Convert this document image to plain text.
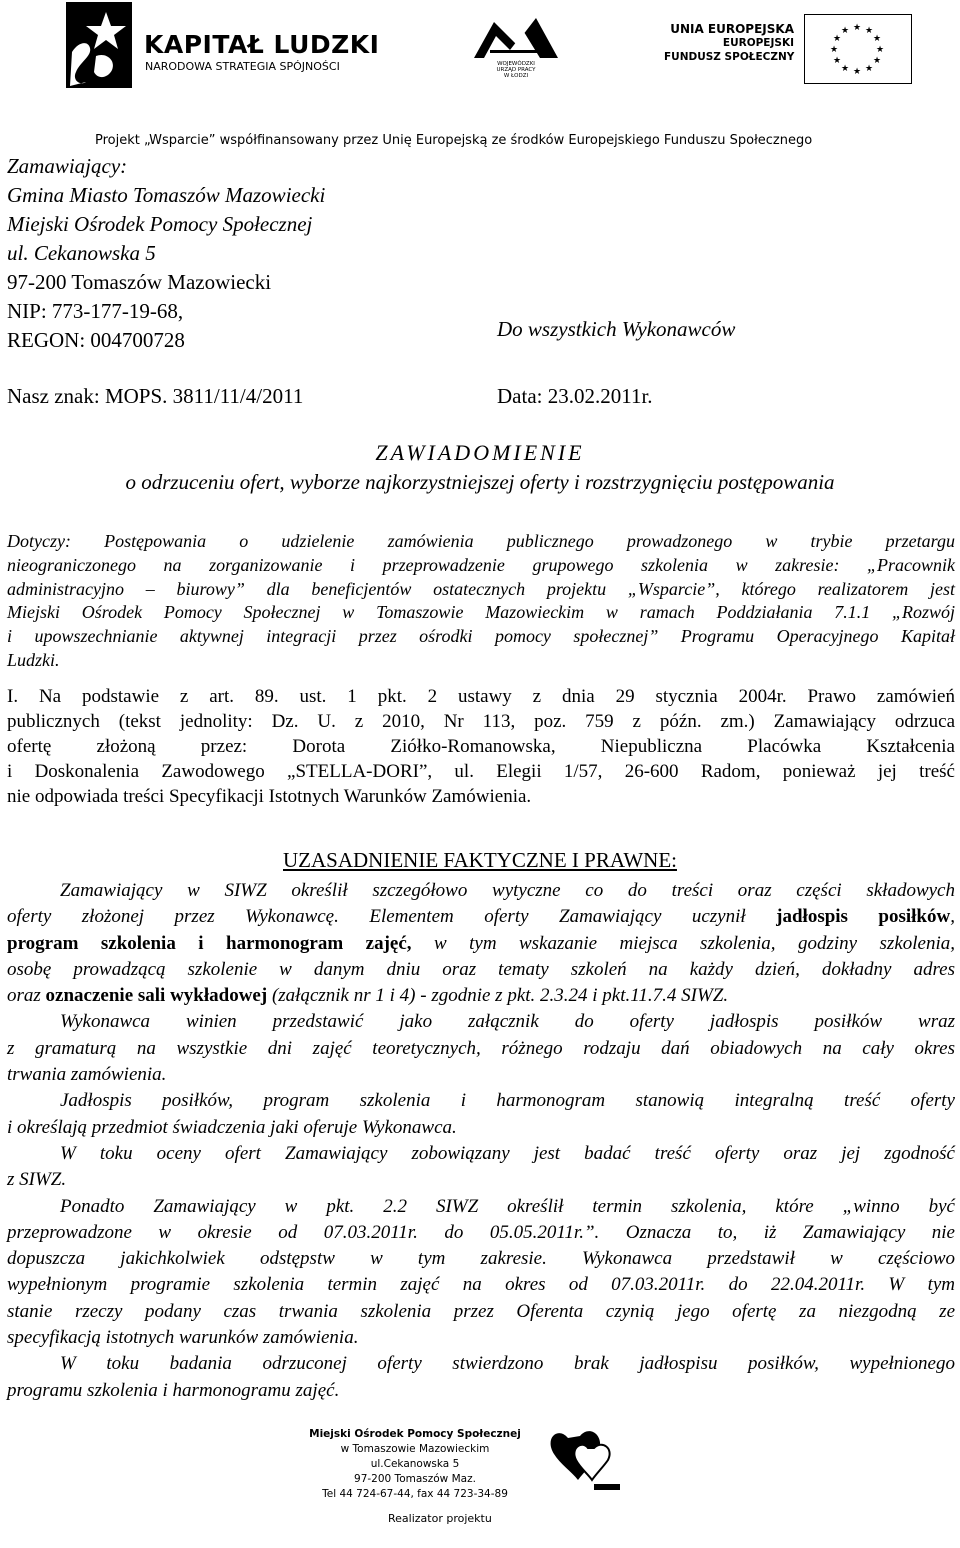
KAPITAŁ LUDZKI
NARODOWA STRATEGIA SPÓJNOŚCI	WOJEWÓDZKI
URZĄD PRACY
W ŁODZI
UNIA EUROPEJSKA
EUROPEJSKI
FUNDUSZ SPOŁECZNY
★ ★
★
★
★
★
★
★
★
★
★
★
Projekt „Wsparcie” współfinansowany przez Unię Europejską ze środków Europejskiego Funduszu Społecznego
Zamawiający:
Gmina Miasto Tomaszów Mazowiecki
Miejski Ośrodek Pomocy Społecznej
ul. Cekanowska 5
97-200 Tomaszów Mazowiecki
NIP: 773-177-19-68,
REGON: 004700728	Do wszystkich Wykonawców
Nasz znak: MOPS. 3811/11/4/2011	Data: 23.02.2011r.
ZAWIADOMIENIE
o odrzuceniu ofert, wyborze najkorzystniejszej oferty i rozstrzygnięciu postępowania
Dotyczy: Postępowania o udzielenie zamówienia publicznego prowadzonego w trybie przetargu
nieograniczonego na zorganizowanie i przeprowadzenie grupowego szkolenia w zakresie: „Pracownik
administracyjno – biurowy” dla beneficjentów ostatecznych projektu „Wsparcie”, którego realizatorem jest
Miejski Ośrodek Pomocy Społecznej w Tomaszowie Mazowieckim w ramach Poddziałania 7.1.1 „Rozwój
i upowszechnianie aktywnej integracji przez ośrodki pomocy społecznej” Programu Operacyjnego Kapitał
Ludzki.
I. Na podstawie z art. 89. ust. 1 pkt. 2 ustawy z dnia 29 stycznia 2004r. Prawo zamówień
publicznych (tekst jednolity: Dz. U. z 2010, Nr 113, poz. 759 z późn. zm.) Zamawiający odrzuca
ofertę złożoną przez: Dorota Ziółko-Romanowska, Niepubliczna Placówka Kształcenia
i Doskonalenia Zawodowego „STELLA-DORI”, ul. Elegii 1/57, 26-600 Radom, ponieważ jej treść
nie odpowiada treści Specyfikacji Istotnych Warunków Zamówienia.
UZASADNIENIE FAKTYCZNE I PRAWNE:
Zamawiający w SIWZ określił szczegółowo wytyczne co do treści oraz części składowych
oferty złożonej przez Wykonawcę. Elementem oferty Zamawiający uczynił jadłospis posiłków,
program szkolenia i harmonogram zajęć, w tym wskazanie miejsca szkolenia, godziny szkolenia,
osobę prowadzącą szkolenie w danym dniu oraz tematy szkoleń na każdy dzień, dokładny adres
oraz oznaczenie sali wykładowej (załącznik nr 1 i 4) - zgodnie z pkt. 2.3.24 i pkt.11.7.4 SIWZ.
Wykonawca winien przedstawić jako załącznik do oferty jadłospis posiłków wraz
z gramaturą na wszystkie dni zajęć teoretycznych, różnego rodzaju dań obiadowych na cały okres
trwania zamówienia.
Jadłospis posiłków, program szkolenia i harmonogram stanowią integralną treść oferty
i określają przedmiot świadczenia jaki oferuje Wykonawca.
W toku oceny ofert Zamawiający zobowiązany jest badać treść oferty oraz jej zgodność
z SIWZ.
Ponadto Zamawiający w pkt. 2.2 SIWZ określił termin szkolenia, które „winno być
przeprowadzone w okresie od 07.03.2011r. do 05.05.2011r.”. Oznacza to, iż Zamawiający nie
dopuszcza jakichkolwiek odstępstw w tym zakresie. Wykonawca przedstawił w częściowo
wypełnionym programie szkolenia termin zajęć na okres od 07.03.2011r. do 22.04.2011r. W tym
stanie rzeczy podany czas trwania szkolenia przez Oferenta czynią jego ofertę za niezgodną ze
specyfikacją istotnych warunków zamówienia.
W toku badania odrzuconej oferty stwierdzono brak jadłospisu posiłków, wypełnionego
programu szkolenia i harmonogramu zajęć.
Miejski Ośrodek Pomocy Społecznej
w Tomaszowie Mazowieckim
ul.Cekanowska 5
97-200 Tomaszów Maz.
Tel 44 724-67-44, fax 44 723-34-89
Realizator projektu
